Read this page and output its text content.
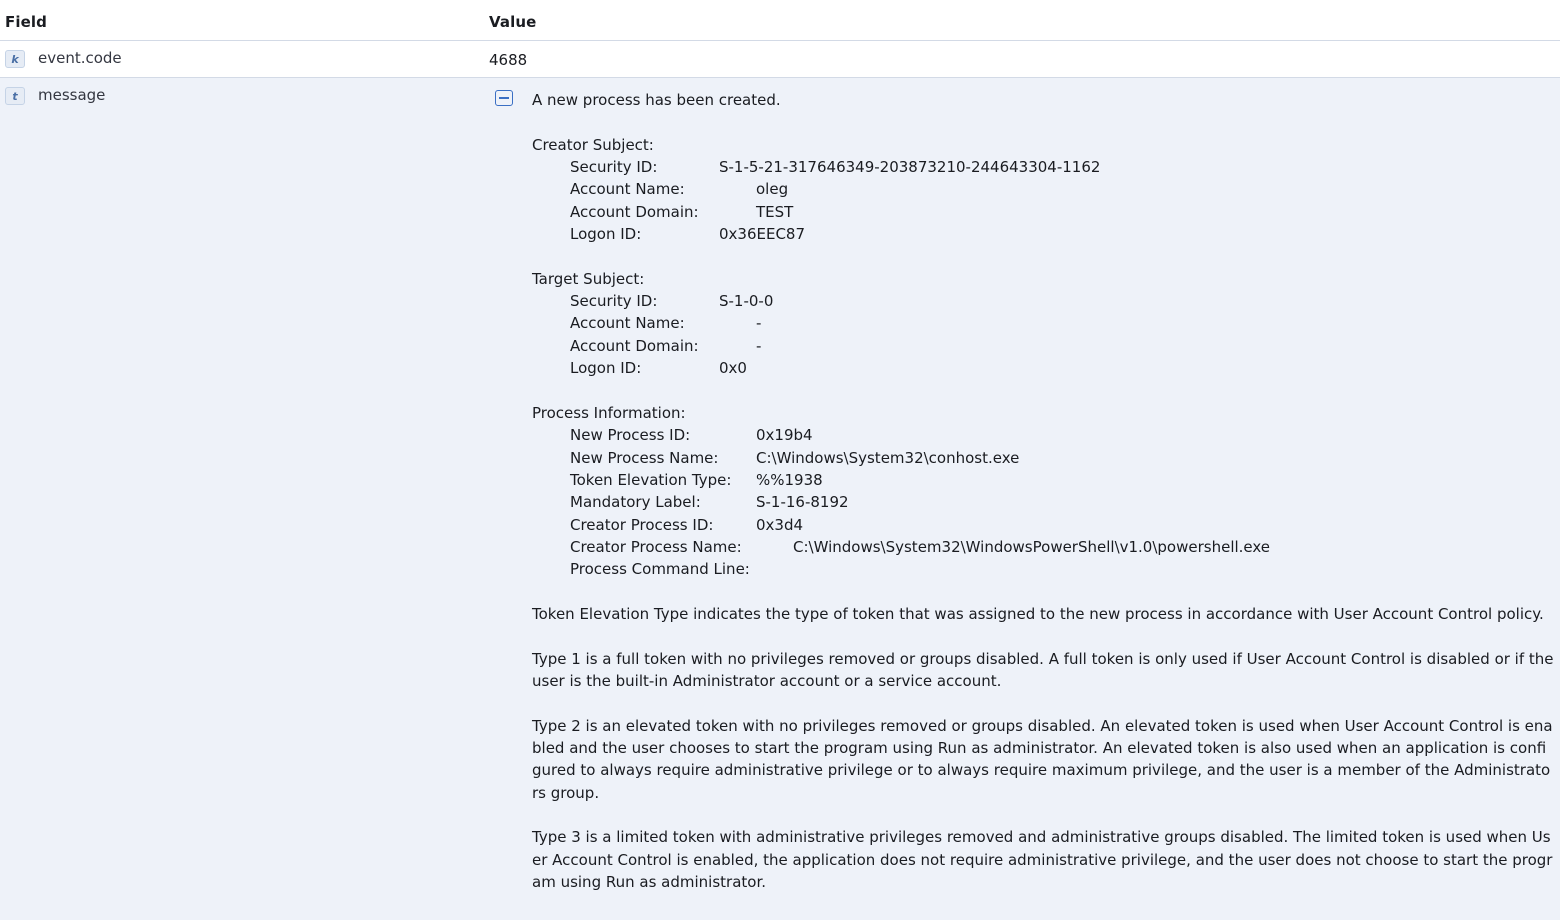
Field	Value
k	event.code	4688
t	message	A new process has been created.
Creator Subject:
Security ID:	S-1-5-21-317646349-203873210-244643304-1162
Account Name:	oleg
Account Domain:	TEST
Logon ID:	0x36EEC87
Target Subject:
Security ID:	S-1-0-0
Account Name:	-
Account Domain:	-
Logon ID:	0x0
Process Information:
New Process ID:	0x19b4
New Process Name:	C:\Windows\System32\conhost.exe
Token Elevation Type: %%1938
Mandatory Label:	S-1-16-8192
Creator Process ID:	0x3d4
Creator Process Name:	C:\Windows\System32\WindowsPowerShell\v1.0\powershell.exe
Process Command Line:
Token Elevation Type indicates the type of token that was assigned to the new process in accordance with User Account Control policy.
Type 1 is a full token with no privileges removed or groups disabled. A full token is only used if User Account Control is disabled or if the user is the built-in Administrator account or a service account.
Type 2 is an elevated token with no privileges removed or groups disabled. An elevated token is used when User Account Control is enabled and the user chooses to start the program using Run as administrator. An elevated token is also used when an application is configured to always require administrative privilege or to always require maximum privilege, and the user is a member of the Administrators group.
Type 3 is a limited token with administrative privileges removed and administrative groups disabled. The limited token is used when User Account Control is enabled, the application does not require administrative privilege, and the user does not choose to start the program using Run as administrator.
